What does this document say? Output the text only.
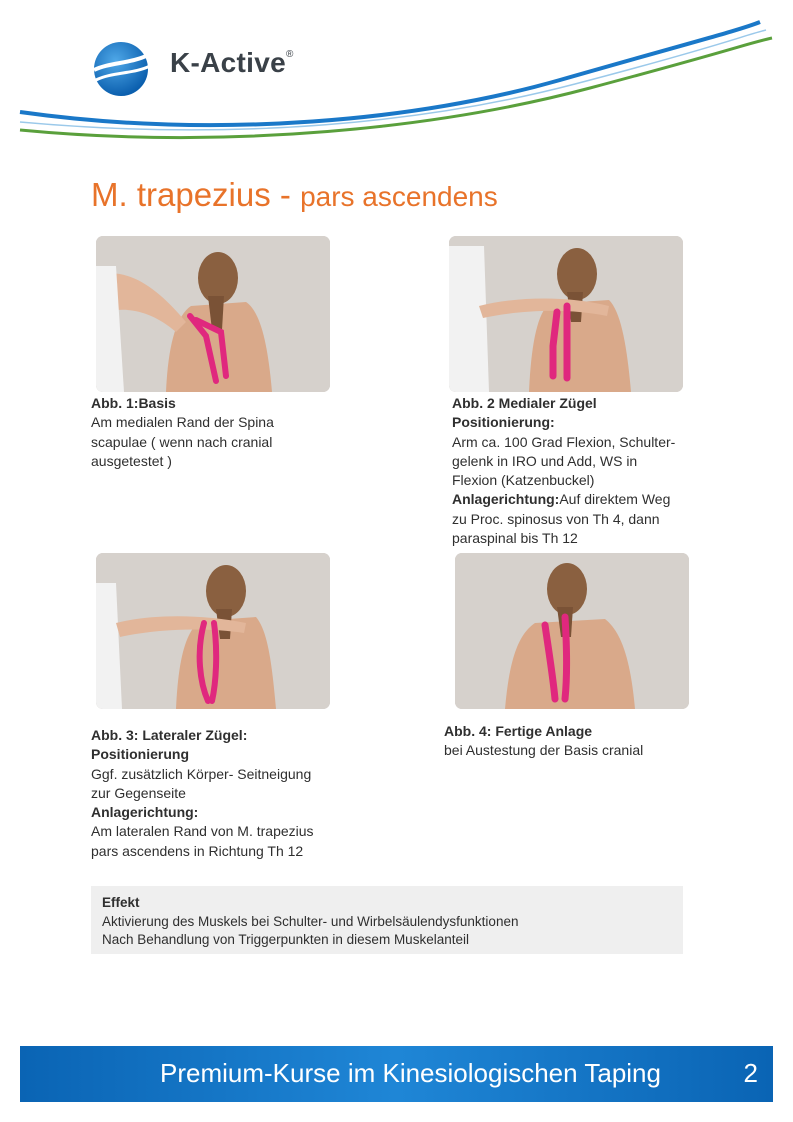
K-Active®
M. trapezius - pars ascendens
Abb. 1:Basis
Am medialen Rand der Spina
scapulae ( wenn nach cranial
ausgetestet )
Abb. 2 Medialer Zügel
Positionierung:
Arm ca. 100 Grad Flexion, Schulter-
gelenk in IRO und Add, WS in
Flexion (Katzenbuckel)
Anlagerichtung:Auf direktem Weg
zu Proc. spinosus von Th 4, dann
paraspinal bis Th 12
Abb. 3: Lateraler Zügel:
Positionierung
Ggf. zusätzlich Körper- Seitneigung
zur Gegenseite
Anlagerichtung:
Am lateralen Rand von M. trapezius
pars ascendens in Richtung Th 12
Abb. 4: Fertige Anlage
bei Austestung der Basis cranial
Effekt
Aktivierung des Muskels bei Schulter- und Wirbelsäulendysfunktionen
Nach Behandlung von Triggerpunkten in diesem Muskelanteil
Premium-Kurse im Kinesiologischen Taping	2
